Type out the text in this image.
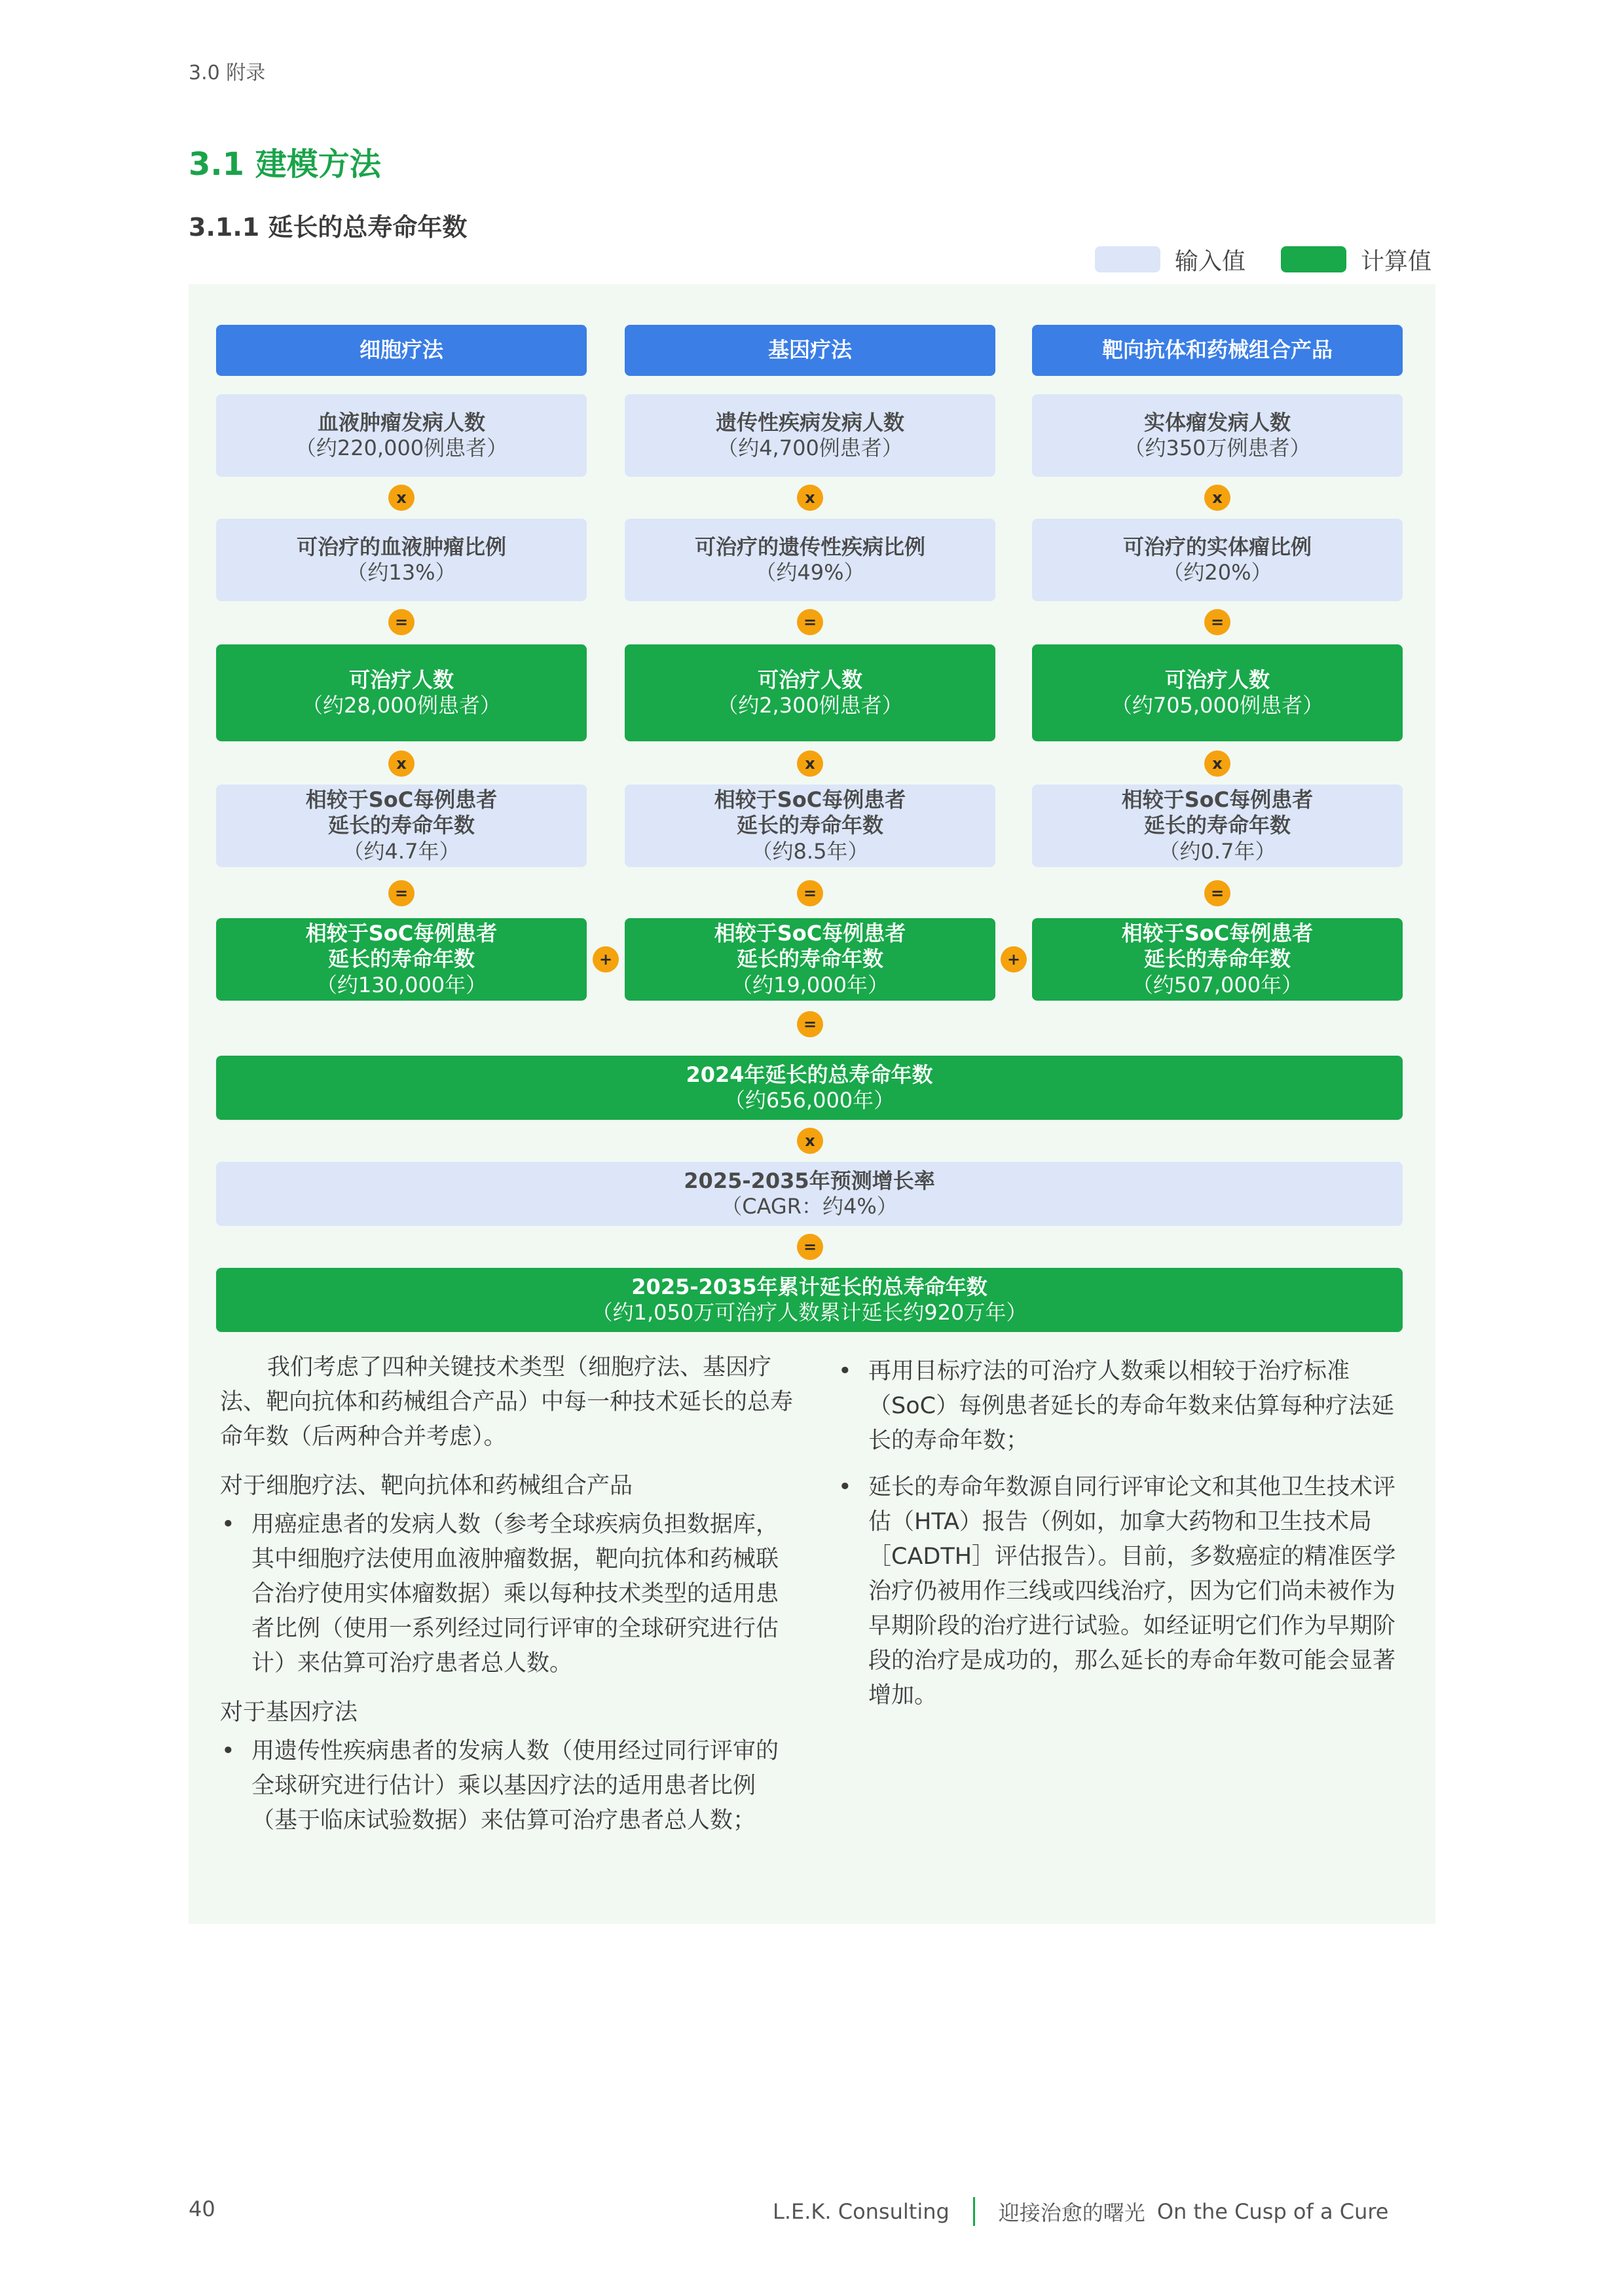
3.0 附录
3.1 建模方法
3.1.1 延长的总寿命年数
输入值	计算值
细胞疗法
血液肿瘤发病人数
（约220,000例患者）
x
可治疗的血液肿瘤比例
（约13%）
=
可治疗人数
（约28,000例患者）
x
相较于SoC每例患者
延长的寿命年数
（约4.7年）
=
相较于SoC每例患者
延长的寿命年数
（约130,000年）
基因疗法
遗传性疾病发病人数
（约4,700例患者）
x
可治疗的遗传性疾病比例
（约49%）
=
可治疗人数
（约2,300例患者）
x
相较于SoC每例患者
延长的寿命年数
（约8.5年）
=
相较于SoC每例患者
延长的寿命年数
（约19,000年）
靶向抗体和药械组合产品
实体瘤发病人数
（约350万例患者）
x
可治疗的实体瘤比例
（约20%）
=
可治疗人数
（约705,000例患者）
x
相较于SoC每例患者
延长的寿命年数
（约0.7年）
=
相较于SoC每例患者
延长的寿命年数
（约507,000年）
+	+
=
2024年延长的总寿命年数
（约656,000年）
x
2025-2035年预测增长率
（CAGR：约4%）
=
2025-2035年累计延长的总寿命年数
（约1,050万可治疗人数累计延长约920万年）

我们考虑了四种关键技术类型（细胞疗法、基因疗法、靶向抗体和药械组合产品）中每一种技术延长的总寿命年数（后两种合并考虑）。

对于细胞疗法、靶向抗体和药械组合产品

• 用癌症患者的发病人数（参考全球疾病负担数据库，其中细胞疗法使用血液肿瘤数据，靶向抗体和药械联合治疗使用实体瘤数据）乘以每种技术类型的适用患者比例（使用一系列经过同行评审的全球研究进行估计）来估算可治疗患者总人数。

对于基因疗法

• 用遗传性疾病患者的发病人数（使用经过同行评审的全球研究进行估计）乘以基因疗法的适用患者比例（基于临床试验数据）来估算可治疗患者总人数；
• 再用目标疗法的可治疗人数乘以相较于治疗标准（SoC）每例患者延长的寿命年数来估算每种疗法延长的寿命年数；
• 延长的寿命年数源自同行评审论文和其他卫生技术评估（HTA）报告（例如，加拿大药物和卫生技术局［CADTH］评估报告）。目前，多数癌症的精准医学治疗仍被用作三线或四线治疗，因为它们尚未被作为早期阶段的治疗进行试验。如经证明它们作为早期阶段的治疗是成功的，那么延长的寿命年数可能会显著增加。
40	L.E.K. Consulting 迎接治愈的曙光 On the Cusp of a Cure
